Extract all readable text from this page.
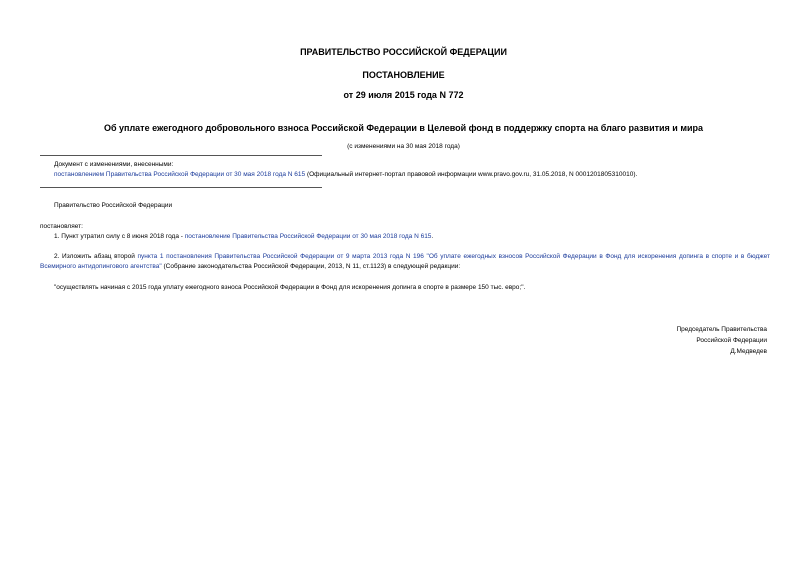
ПРАВИТЕЛЬСТВО РОССИЙСКОЙ ФЕДЕРАЦИИ
ПОСТАНОВЛЕНИЕ
от 29 июля 2015 года N 772
Об уплате ежегодного добровольного взноса Российской Федерации в Целевой фонд в поддержку спорта на благо развития и мира
(с изменениями на 30 мая 2018 года)
Документ с изменениями, внесенными:
постановлением Правительства Российской Федерации от 30 мая 2018 года N 615 (Официальный интернет-портал правовой информации www.pravo.gov.ru, 31.05.2018, N 0001201805310010).
Правительство Российской Федерации
постановляет:
1. Пункт утратил силу с 8 июня 2018 года - постановление Правительства Российской Федерации от 30 мая 2018 года N 615.
2. Изложить абзац второй пункта 1 постановления Правительства Российской Федерации от 9 марта 2013 года N 196 "Об уплате ежегодных взносов Российской Федерации в Фонд для искоренения допинга в спорте и в бюджет Всемирного антидопингового агентства" (Собрание законодательства Российской Федерации, 2013, N 11, ст.1123) в следующей редакции:
"осуществлять начиная с 2015 года уплату ежегодного взноса Российской Федерации в Фонд для искоренения допинга в спорте в размере 150 тыс. евро;".
Председатель Правительства
Российской Федерации
Д.Медведев
